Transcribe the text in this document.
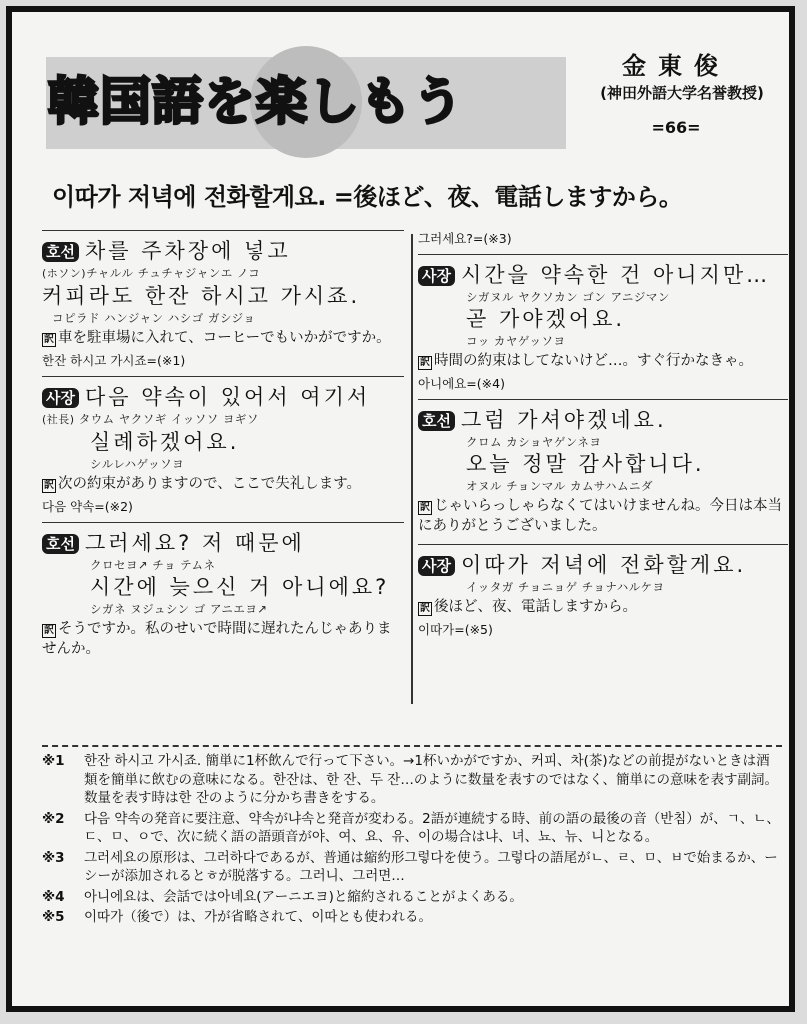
韓国語を楽しもう
金東俊
(神田外語大学名誉教授)
=66=
이따가 저녁에 전화할게요. =後ほど、夜、電話しますから。
호선 차를 주차장에 넣고
(ホソン)チャルル チュチャジャンエ ノコ
커피라도 한잔 하시고 가시죠.
コピラド ハンジャン ハシゴ ガシジョ
訳 車を駐車場に入れて、コーヒーでもいかがですか。
한잔 하시고 가시죠=(※1)
사장 다음 약속이 있어서 여기서
(社長) タウム ヤクソギ イッソソ ヨギソ
실례하겠어요.
シルレハゲッソヨ
訳 次の約束がありますので、ここで失礼します。
다음 약속=(※2)
호선 그러세요? 저 때문에
クロセヨ↗ チョ テムネ
시간에 늦으신 거 아니에요?
シガネ ヌジュシン ゴ アニエヨ↗
訳 そうですか。私のせいで時間に遅れたんじゃありませんか。
그러세요?=(※3)
사장 시간을 약속한 건 아니지만…
シガヌル ヤクソカン ゴン アニジマン
곧 가야겠어요.
コッ カヤゲッソヨ
訳 時間の約束はしてないけど…。すぐ行かなきゃ。
아니에요=(※4)
호선 그럼 가셔야겠네요.
クロム カショヤゲンネヨ
오늘 정말 감사합니다.
オヌル チョンマル カムサハムニダ
訳 じゃいらっしゃらなくてはいけませんね。今日は本当にありがとうございました。
사장 이따가 저녁에 전화할게요.
イッタガ チョニョゲ チョナハルケヨ
訳 後ほど、夜、電話しますから。
이따가=(※5)
※1	한잔 하시고 가시죠. 簡単に1杯飲んで行って下さい。→1杯いかがですか、커피、차(茶)などの前提がないときは酒類を簡単に飲むの意味になる。한잔は、한 잔、두 잔…のように数量を表すのではなく、簡単にの意味を表す副詞。数量を表す時は한 잔のように分かち書きをする。
※2	다음 약속の発音に要注意、약속が냐속と発音が変わる。2語が連続する時、前の語の最後の音（반침）が、ㄱ、ㄴ、ㄷ、ㅁ、ㅇで、次に続く語の語頭音が야、여、요、유、이の場合は냐、녀、뇨、뉴、니となる。
※3	그러세요の原形は、그러하다であるが、普通は縮約形그렇다を使う。그렇다の語尾がㄴ、ㄹ、ㅁ、ㅂで始まるか、ーシーが添加されるとㅎが脱落する。그러니、그러면…
※4	아니에요は、会話では아녜요(アーニエヨ)と縮約されることがよくある。
※5	이따가（後で）は、가が省略されて、이따とも使われる。
